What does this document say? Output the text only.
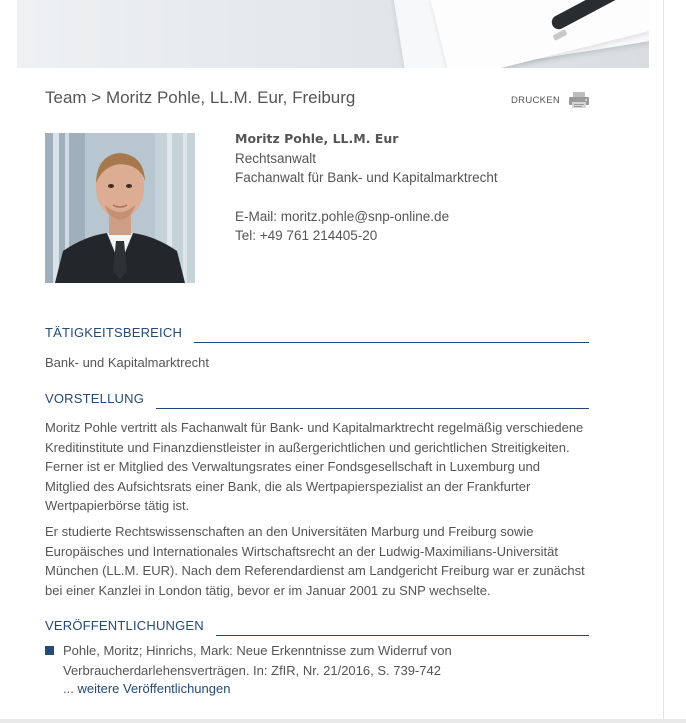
Team > Moritz Pohle, LL.M. Eur, Freiburg	DRUCKEN
Moritz Pohle, LL.M. Eur
Rechtsanwalt
Fachanwalt für Bank- und Kapitalmarktrecht
E-Mail: moritz.pohle@snp-online.de
Tel: +49 761 214405-20
TÄTIGKEITSBEREICH
Bank- und Kapitalmarktrecht
VORSTELLUNG
Moritz Pohle vertritt als Fachanwalt für Bank- und Kapitalmarktrecht regelmäßig verschiedene
Kreditinstitute und Finanzdienstleister in außergerichtlichen und gerichtlichen Streitigkeiten.
Ferner ist er Mitglied des Verwaltungsrates einer Fondsgesellschaft in Luxemburg und
Mitglied des Aufsichtsrats einer Bank, die als Wertpapierspezialist an der Frankfurter
Wertpapierbörse tätig ist.
Er studierte Rechtswissenschaften an den Universitäten Marburg und Freiburg sowie
Europäisches und Internationales Wirtschaftsrecht an der Ludwig-Maximilians-Universität
München (LL.M. EUR). Nach dem Referendardienst am Landgericht Freiburg war er zunächst
bei einer Kanzlei in London tätig, bevor er im Januar 2001 zu SNP wechselte.
VERÖFFENTLICHUNGEN
Pohle, Moritz; Hinrichs, Mark: Neue Erkenntnisse zum Widerruf von
Verbraucherdarlehensverträgen. In: ZfIR, Nr. 21/2016, S. 739-742
... weitere Veröffentlichungen
